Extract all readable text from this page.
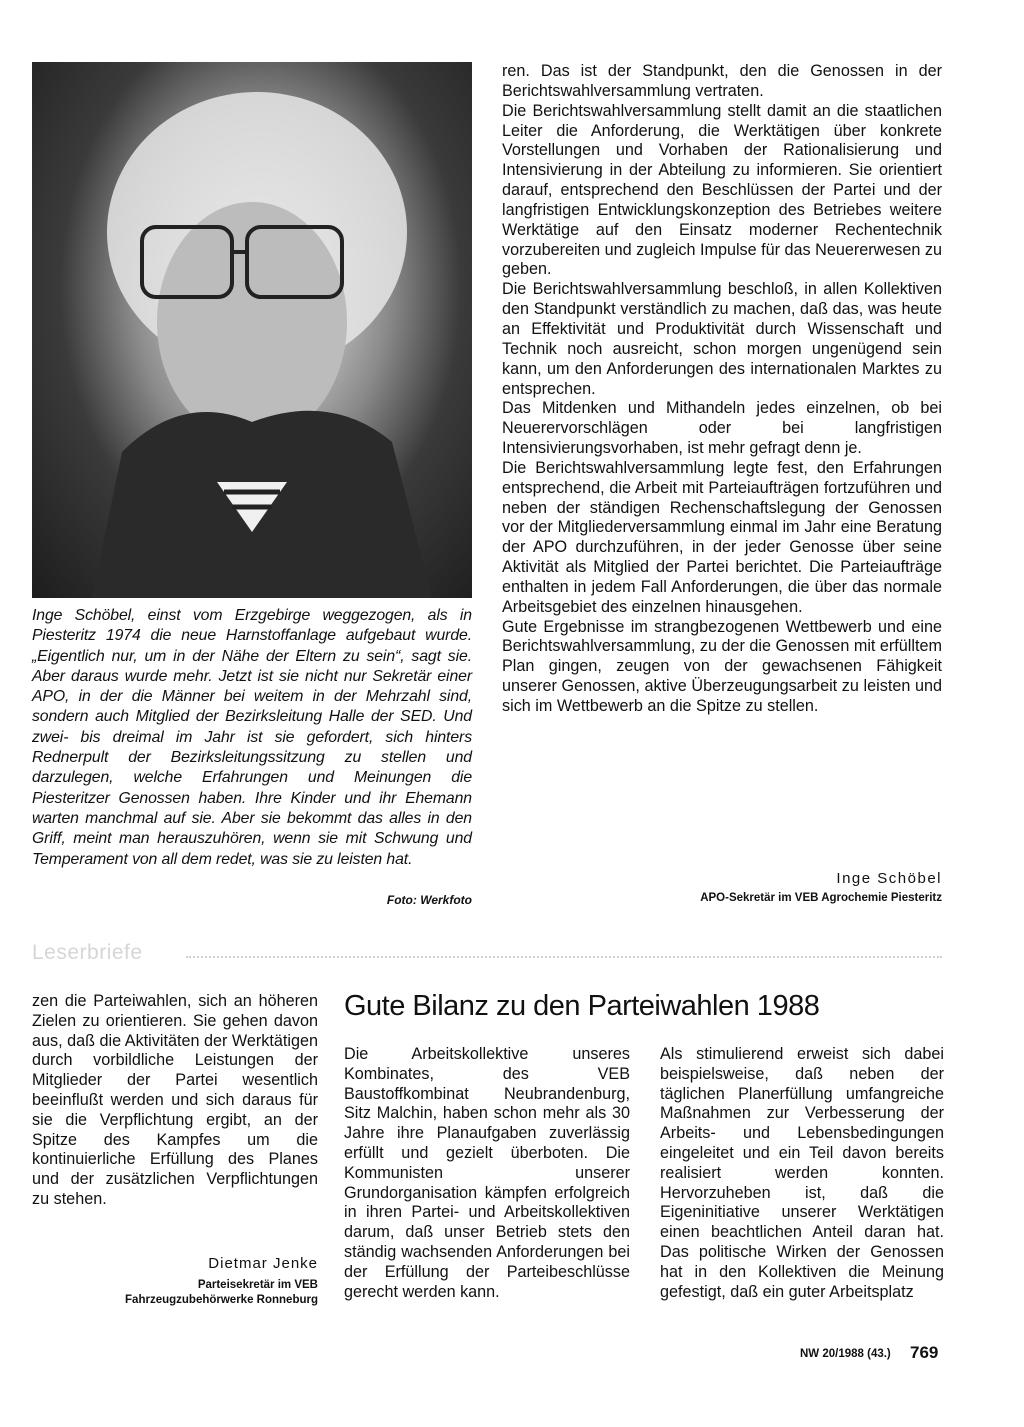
Inge Schöbel, einst vom Erzgebirge weggezogen, als in Piesteritz 1974 die neue Harnstoffanlage aufgebaut wurde. „Eigentlich nur, um in der Nähe der Eltern zu sein“, sagt sie. Aber daraus wurde mehr. Jetzt ist sie nicht nur Sekretär einer APO, in der die Männer bei weitem in der Mehrzahl sind, sondern auch Mitglied der Bezirksleitung Halle der SED. Und zwei- bis dreimal im Jahr ist sie gefordert, sich hinters Rednerpult der Bezirksleitungssitzung zu stellen und darzulegen, welche Erfahrungen und Meinungen die Piesteritzer Genossen haben. Ihre Kinder und ihr Ehemann warten manchmal auf sie. Aber sie bekommt das alles in den Griff, meint man herauszuhören, wenn sie mit Schwung und Temperament von all dem redet, was sie zu leisten hat.

Foto: Werkfoto

ren. Das ist der Standpunkt, den die Genossen in der Berichtswahlversammlung vertraten.

Die Berichtswahlversammlung stellt damit an die staatlichen Leiter die Anforderung, die Werktätigen über konkrete Vorstellungen und Vorhaben der Rationalisierung und Intensivierung in der Abteilung zu informieren. Sie orientiert darauf, entsprechend den Beschlüssen der Partei und der langfristigen Entwicklungskonzeption des Betriebes weitere Werktätige auf den Einsatz moderner Rechentechnik vorzubereiten und zugleich Impulse für das Neuererwesen zu geben.

Die Berichtswahlversammlung beschloß, in allen Kollektiven den Standpunkt verständlich zu machen, daß das, was heute an Effektivität und Produktivität durch Wissenschaft und Technik noch ausreicht, schon morgen ungenügend sein kann, um den Anforderungen des internationalen Marktes zu entsprechen.

Das Mitdenken und Mithandeln jedes einzelnen, ob bei Neuerervorschlägen oder bei langfristigen Intensivierungsvorhaben, ist mehr gefragt denn je.

Die Berichtswahlversammlung legte fest, den Erfahrungen entsprechend, die Arbeit mit Parteiaufträgen fortzuführen und neben der ständigen Rechenschaftslegung der Genossen vor der Mitgliederversammlung einmal im Jahr eine Beratung der APO durchzuführen, in der jeder Genosse über seine Aktivität als Mitglied der Partei berichtet. Die Parteiaufträge enthalten in jedem Fall Anforderungen, die über das normale Arbeitsgebiet des einzelnen hinausgehen.

Gute Ergebnisse im strangbezogenen Wettbewerb und eine Berichtswahlversammlung, zu der die Genossen mit erfülltem Plan gingen, zeugen von der gewachsenen Fähigkeit unserer Genossen, aktive Überzeugungsarbeit zu leisten und sich im Wettbewerb an die Spitze zu stellen.

Inge Schöbel
APO-Sekretär im VEB Agrochemie Piesteritz
Leserbriefe

zen die Parteiwahlen, sich an höheren Zielen zu orientieren. Sie gehen davon aus, daß die Aktivitäten der Werktätigen durch vorbildliche Leistungen der Mitglieder der Partei wesentlich beeinflußt werden und sich daraus für sie die Verpflichtung ergibt, an der Spitze des Kampfes um die kontinuierliche Erfüllung des Planes und der zusätzlichen Verpflichtungen zu stehen.

Dietmar Jenke
Parteisekretär im VEB
Fahrzeugzubehörwerke Ronneburg
Gute Bilanz zu den Parteiwahlen 1988

Die Arbeitskollektive unseres Kombinates, des VEB Baustoffkombinat Neubrandenburg, Sitz Malchin, haben schon mehr als 30 Jahre ihre Planaufgaben zuverlässig erfüllt und gezielt überboten. Die Kommunisten unserer Grundorganisation kämpfen erfolgreich in ihren Partei- und Arbeitskollektiven darum, daß unser Betrieb stets den ständig wachsenden Anforderungen bei der Erfüllung der Parteibeschlüsse gerecht werden kann.

Als stimulierend erweist sich dabei beispielsweise, daß neben der täglichen Planerfüllung umfangreiche Maßnahmen zur Verbesserung der Arbeits- und Lebensbedingungen eingeleitet und ein Teil davon bereits realisiert werden konnten. Hervorzuheben ist, daß die Eigeninitiative unserer Werktätigen einen beachtlichen Anteil daran hat. Das politische Wirken der Genossen hat in den Kollektiven die Meinung gefestigt, daß ein guter Arbeitsplatz

NW 20/1988 (43.) 769
